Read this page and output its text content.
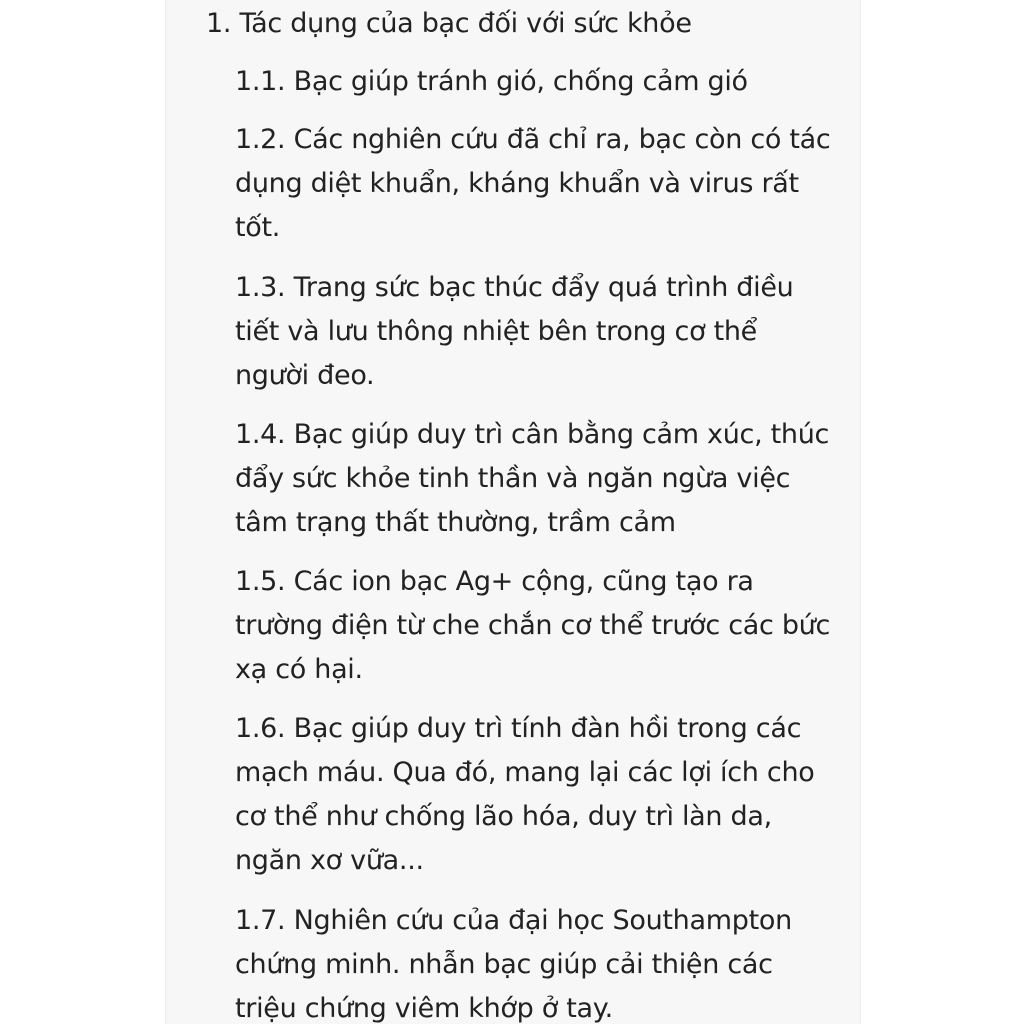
1. Tác dụng của bạc đối với sức khỏe
1.1. Bạc giúp tránh gió, chống cảm gió
1.2. Các nghiên cứu đã chỉ ra, bạc còn có tác dụng diệt khuẩn, kháng khuẩn và virus rất tốt.
1.3. Trang sức bạc thúc đẩy quá trình điều tiết và lưu thông nhiệt bên trong cơ thể người đeo.
1.4. Bạc giúp duy trì cân bằng cảm xúc, thúc đẩy sức khỏe tinh thần và ngăn ngừa việc tâm trạng thất thường, trầm cảm
1.5. Các ion bạc Ag+ cộng, cũng tạo ra trường điện từ che chắn cơ thể trước các bức xạ có hại.
1.6. Bạc giúp duy trì tính đàn hồi trong các mạch máu. Qua đó, mang lại các lợi ích cho cơ thể như chống lão hóa, duy trì làn da, ngăn xơ vữa...
1.7. Nghiên cứu của đại học Southampton chứng minh. nhẫn bạc giúp cải thiện các triệu chứng viêm khớp ở tay.
